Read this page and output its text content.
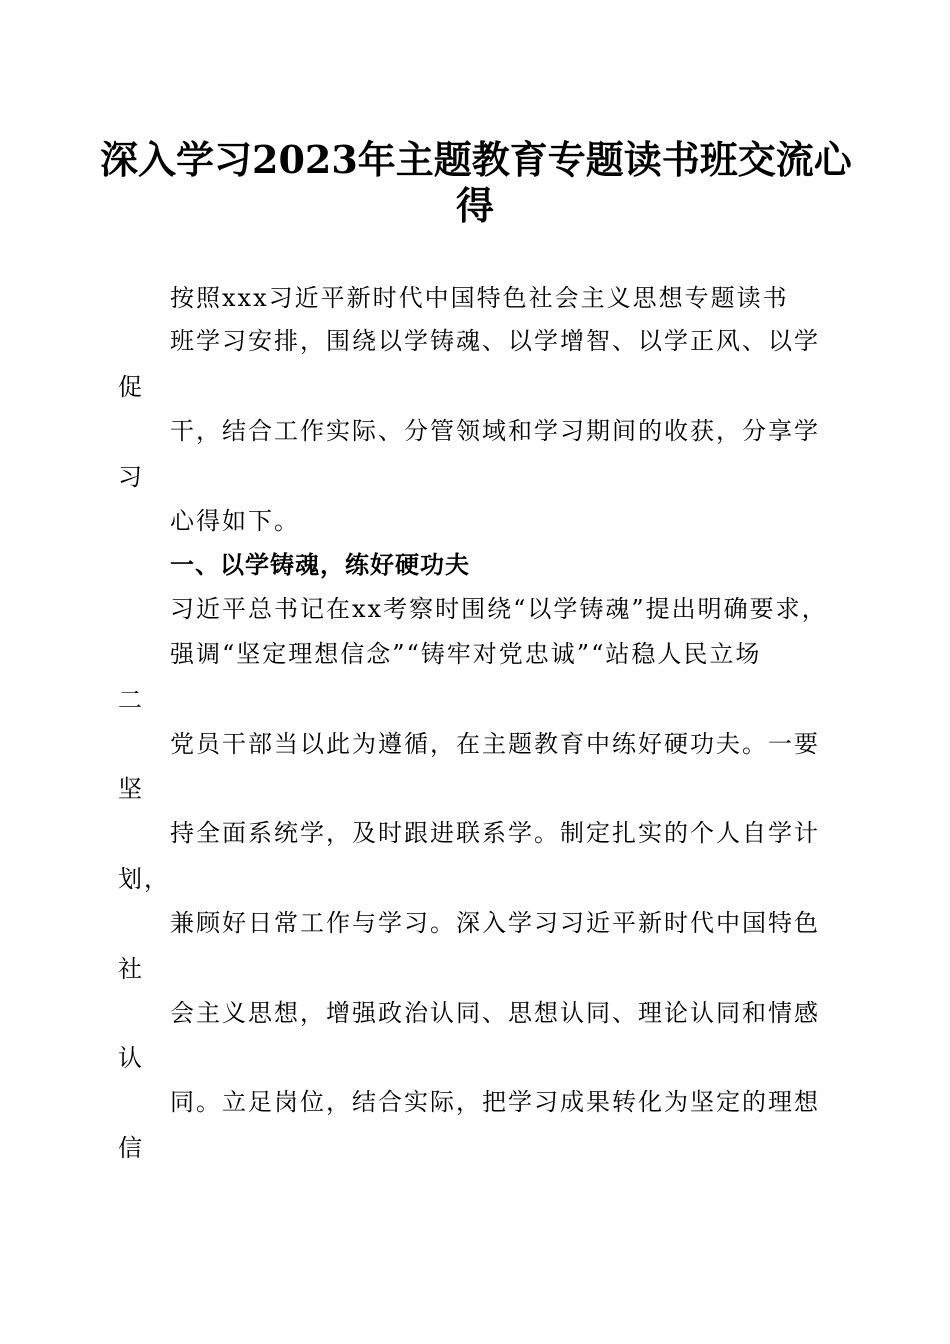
深入学习2023年主题教育专题读书班交流心
得
按照xxx习近平新时代中国特色社会主义思想专题读书
班学习安排，围绕以学铸魂、以学增智、以学正风、以学
促
干，结合工作实际、分管领域和学习期间的收获，分享学
习
心得如下。
一、以学铸魂，练好硬功夫
习近平总书记在xx考察时围绕“以学铸魂”提出明确要求，
强调“坚定理想信念”“铸牢对党忠诚”“站稳人民立场
二
党员干部当以此为遵循，在主题教育中练好硬功夫。一要
坚
持全面系统学，及时跟进联系学。制定扎实的个人自学计
划，
兼顾好日常工作与学习。深入学习习近平新时代中国特色
社
会主义思想，增强政治认同、思想认同、理论认同和情感
认
同。立足岗位，结合实际，把学习成果转化为坚定的理想
信
